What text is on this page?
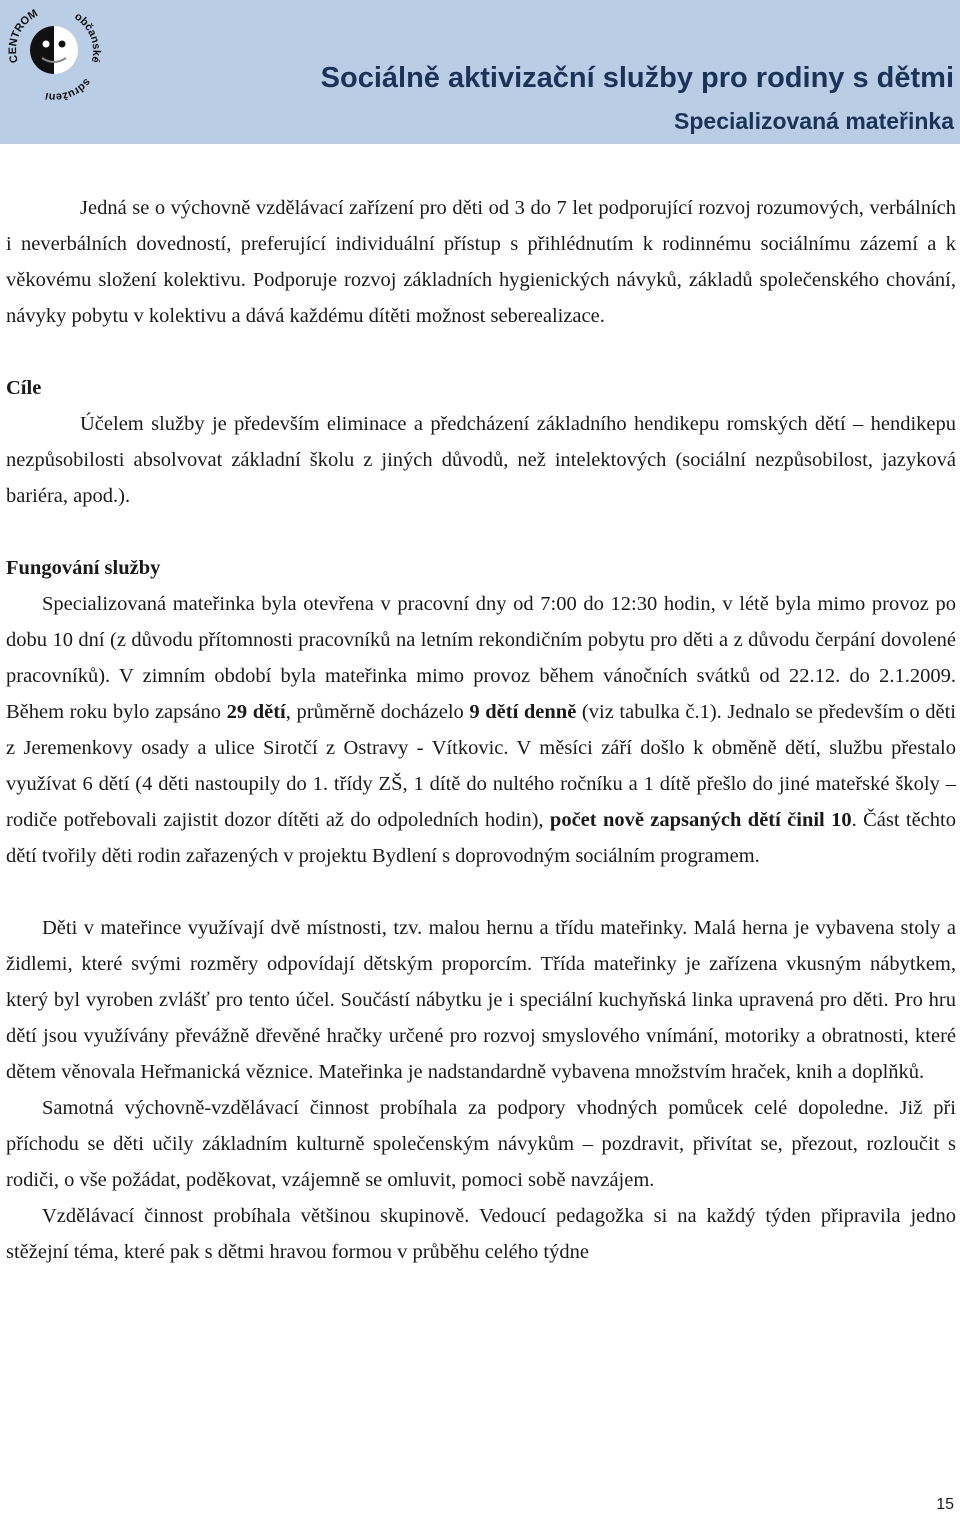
CENTROM	občanské
sdružení
Sociálně aktivizační služby pro rodiny s dětmi
Specializovaná mateřinka

Jedná se o výchovně vzdělávací zařízení pro děti od 3 do 7 let podporující rozvoj rozumových, verbálních i neverbálních dovedností, preferující individuální přístup s přihlédnutím k rodinnému sociálnímu zázemí a k věkovému složení kolektivu. Podporuje rozvoj základních hygienických návyků, základů společenského chování, návyky pobytu v kolektivu a dává každému dítěti možnost seberealizace.

Cíle

Účelem služby je především eliminace a předcházení základního hendikepu romských dětí – hendikepu nezpůsobilosti absolvovat základní školu z jiných důvodů, než intelektových (sociální nezpůsobilost, jazyková bariéra, apod.).

Fungování služby

Specializovaná mateřinka byla otevřena v pracovní dny od 7:00 do 12:30 hodin, v létě byla mimo provoz po dobu 10 dní (z důvodu přítomnosti pracovníků na letním rekondičním pobytu pro děti a z důvodu čerpání dovolené pracovníků). V zimním období byla mateřinka mimo provoz během vánočních svátků od 22.12. do 2.1.2009. Během roku bylo zapsáno 29 dětí, průměrně docházelo 9 dětí denně (viz tabulka č.1). Jednalo se především o děti z Jeremenkovy osady a ulice Sirotčí z Ostravy - Vítkovic. V měsíci září došlo k obměně dětí, službu přestalo využívat 6 dětí (4 děti nastoupily do 1. třídy ZŠ, 1 dítě do nultého ročníku a 1 dítě přešlo do jiné mateřské školy – rodiče potřebovali zajistit dozor dítěti až do odpoledních hodin), počet nově zapsaných dětí činil 10. Část těchto dětí tvořily děti rodin zařazených v projektu Bydlení s doprovodným sociálním programem.

Děti v mateřince využívají dvě místnosti, tzv. malou hernu a třídu mateřinky. Malá herna je vybavena stoly a židlemi, které svými rozměry odpovídají dětským proporcím. Třída mateřinky je zařízena vkusným nábytkem, který byl vyroben zvlášť pro tento účel. Součástí nábytku je i speciální kuchyňská linka upravená pro děti. Pro hru dětí jsou využívány převážně dřevěné hračky určené pro rozvoj smyslového vnímání, motoriky a obratnosti, které dětem věnovala Heřmanická věznice. Mateřinka je nadstandardně vybavena množstvím hraček, knih a doplňků.

Samotná výchovně-vzdělávací činnost probíhala za podpory vhodných pomůcek celé dopoledne. Již při příchodu se děti učily základním kulturně společenským návykům – pozdravit, přivítat se, přezout, rozloučit s rodiči, o vše požádat, poděkovat, vzájemně se omluvit, pomoci sobě navzájem.

Vzdělávací činnost probíhala většinou skupinově. Vedoucí pedagožka si na každý týden připravila jedno stěžejní téma, které pak s dětmi hravou formou v průběhu celého týdne

15
